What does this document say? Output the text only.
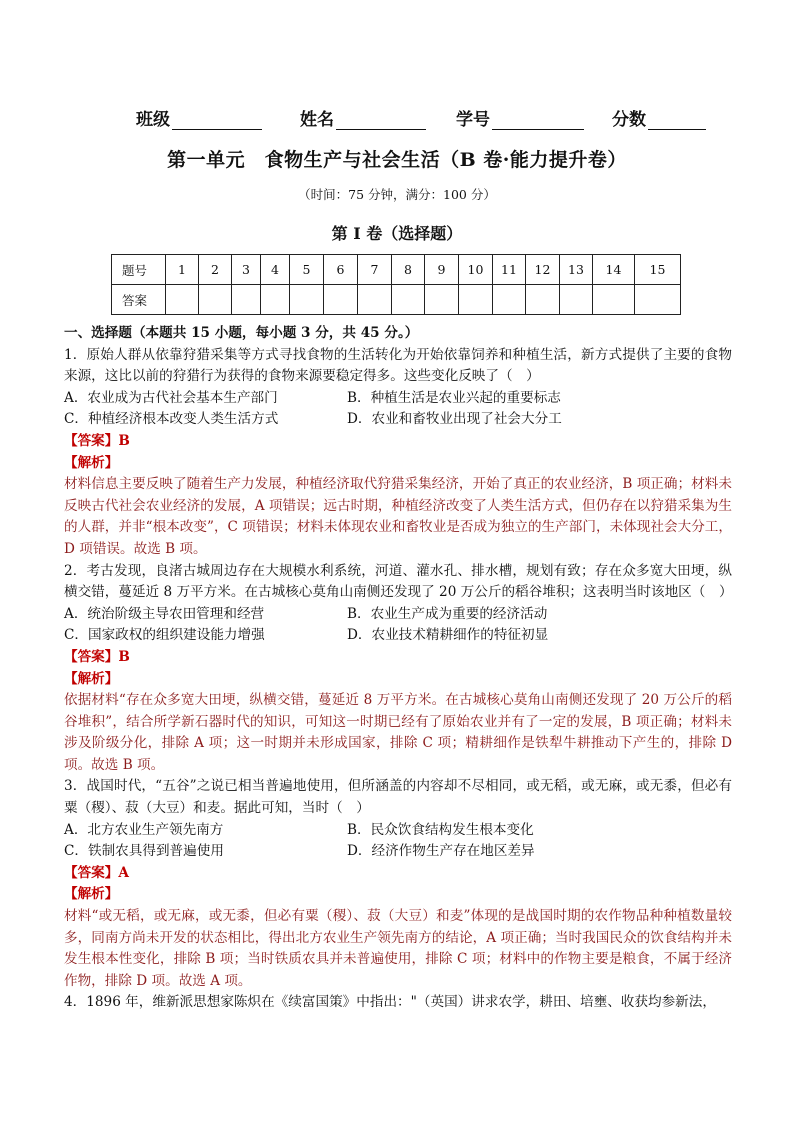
班级	姓名	学号	分数
第一单元　食物生产与社会生活（B 卷·能力提升卷）
（时间：75 分钟，满分：100 分）
第 I 卷（选择题）
题号	1	2	3	4	5	6	7	8	9	10	11	12	13	14	15
答案															

一、选择题（本题共 15 小题，每小题 3 分，共 45 分。）

1．原始人群从依靠狩猎采集等方式寻找食物的生活转化为开始依靠饲养和种植生活，新方式提供了主要的食物来源，这比以前的狩猎行为获得的食物来源要稳定得多。这些变化反映了（　）

A．农业成为古代社会基本生产部门	B．种植生活是农业兴起的重要标志
C．种植经济根本改变人类生活方式	D．农业和畜牧业出现了社会大分工

【答案】B

【解析】

材料信息主要反映了随着生产力发展，种植经济取代狩猎采集经济，开始了真正的农业经济，B 项正确；材料未反映古代社会农业经济的发展，A 项错误；远古时期，种植经济改变了人类生活方式，但仍存在以狩猎采集为生的人群，并非“根本改变”，C 项错误；材料未体现农业和畜牧业是否成为独立的生产部门，未体现社会大分工，D 项错误。故选 B 项。

2．考古发现，良渚古城周边存在大规模水利系统，河道、灌水孔、排水槽，规划有致；存在众多宽大田埂，纵横交错，蔓延近 8 万平方米。在古城核心莫角山南侧还发现了 20 万公斤的稻谷堆积；这表明当时该地区（　）

A．统治阶级主导农田管理和经营	B．农业生产成为重要的经济活动
C．国家政权的组织建设能力增强	D．农业技术精耕细作的特征初显

【答案】B

【解析】

依据材料“存在众多宽大田埂，纵横交错，蔓延近 8 万平方米。在古城核心莫角山南侧还发现了 20 万公斤的稻谷堆积”，结合所学新石器时代的知识，可知这一时期已经有了原始农业并有了一定的发展，B 项正确；材料未涉及阶级分化，排除 A 项；这一时期并未形成国家，排除 C 项；精耕细作是铁犁牛耕推动下产生的，排除 D 项。故选 B 项。

3．战国时代，“五谷”之说已相当普遍地使用，但所涵盖的内容却不尽相同，或无稻，或无麻，或无黍，但必有粟（稷）、菽（大豆）和麦。据此可知，当时（　）

A．北方农业生产领先南方	B．民众饮食结构发生根本变化
C．铁制农具得到普遍使用	D．经济作物生产存在地区差异

【答案】A

【解析】

材料“或无稻，或无麻，或无黍，但必有粟（稷）、菽（大豆）和麦”体现的是战国时期的农作物品种种植数量较多，同南方尚未开发的状态相比，得出北方农业生产领先南方的结论，A 项正确；当时我国民众的饮食结构并未发生根本性变化，排除 B 项；当时铁质农具并未普遍使用，排除 C 项；材料中的作物主要是粮食，不属于经济作物，排除 D 项。故选 A 项。

4．1896 年，维新派思想家陈炽在《续富国策》中指出："（英国）讲求农学，耕田、培壅、收获均参新法，
